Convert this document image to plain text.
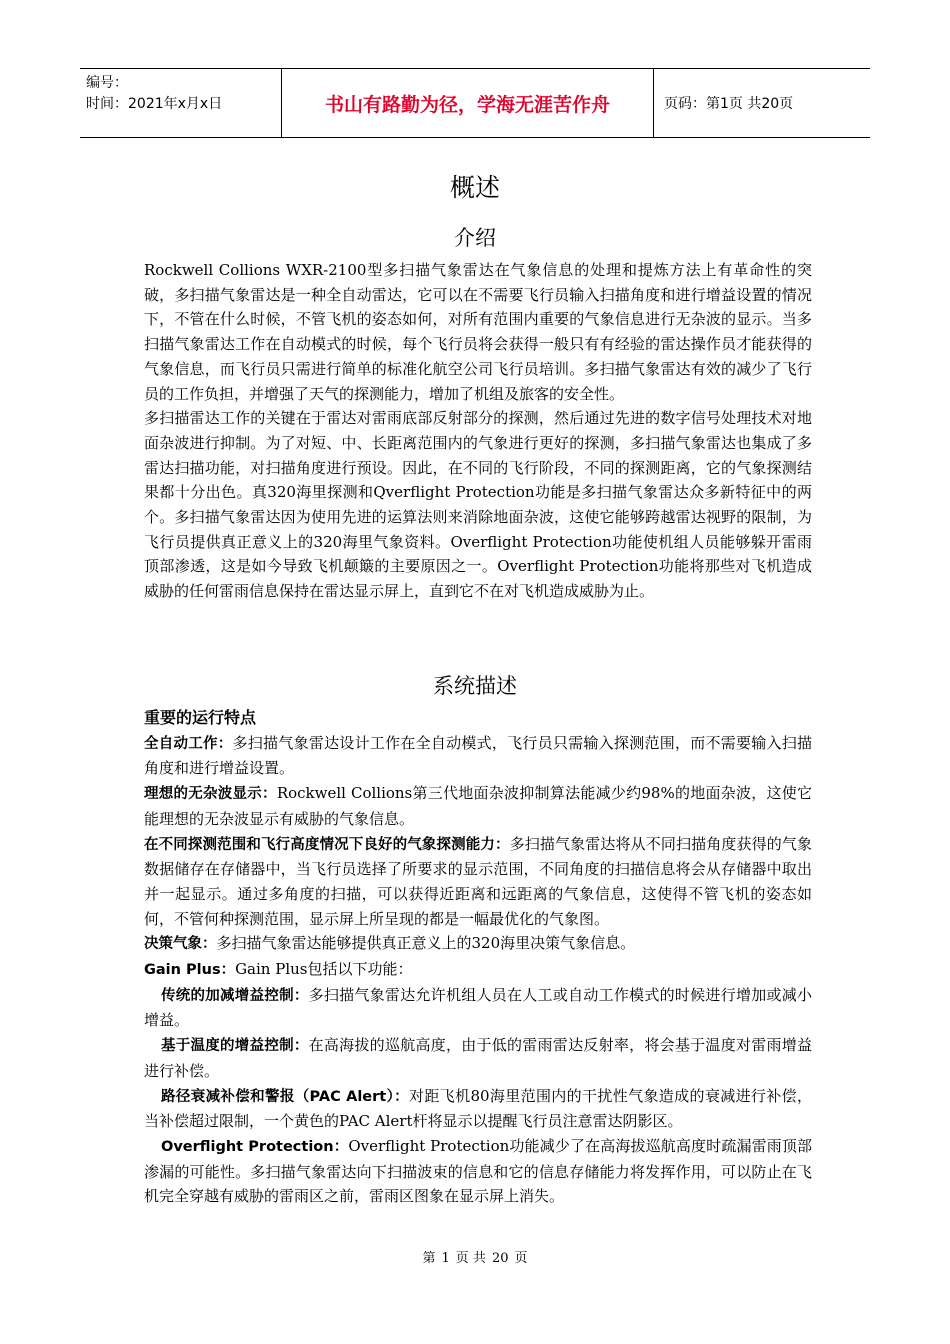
编号：
时间：2021年x月x日	书山有路勤为径，学海无涯苦作舟	页码：第1页 共20页
概述
介绍

Rockwell Collions WXR-2100型多扫描气象雷达在气象信息的处理和提炼方法上有革命性的突破，多扫描气象雷达是一种全自动雷达，它可以在不需要飞行员输入扫描角度和进行增益设置的情况下，不管在什么时候，不管飞机的姿态如何，对所有范围内重要的气象信息进行无杂波的显示。当多扫描气象雷达工作在自动模式的时候，每个飞行员将会获得一般只有有经验的雷达操作员才能获得的气象信息，而飞行员只需进行简单的标准化航空公司飞行员培训。多扫描气象雷达有效的减少了飞行员的工作负担，并增强了天气的探测能力，增加了机组及旅客的安全性。

多扫描雷达工作的关键在于雷达对雷雨底部反射部分的探测，然后通过先进的数字信号处理技术对地面杂波进行抑制。为了对短、中、长距离范围内的气象进行更好的探测，多扫描气象雷达也集成了多雷达扫描功能，对扫描角度进行预设。因此，在不同的飞行阶段，不同的探测距离，它的气象探测结果都十分出色。真320海里探测和Qverflight Protection功能是多扫描气象雷达众多新特征中的两个。多扫描气象雷达因为使用先进的运算法则来消除地面杂波，这使它能够跨越雷达视野的限制，为飞行员提供真正意义上的320海里气象资料。Overflight Protection功能使机组人员能够躲开雷雨顶部渗透，这是如今导致飞机颠簸的主要原因之一。Overflight Protection功能将那些对飞机造成威胁的任何雷雨信息保持在雷达显示屏上，直到它不在对飞机造成威胁为止。

系统描述

重要的运行特点

全自动工作：多扫描气象雷达设计工作在全自动模式，飞行员只需输入探测范围，而不需要输入扫描角度和进行增益设置。

理想的无杂波显示：Rockwell Collions第三代地面杂波抑制算法能减少约98%的地面杂波，这使它能理想的无杂波显示有威胁的气象信息。

在不同探测范围和飞行高度情况下良好的气象探测能力：多扫描气象雷达将从不同扫描角度获得的气象数据储存在存储器中，当飞行员选择了所要求的显示范围，不同角度的扫描信息将会从存储器中取出并一起显示。通过多角度的扫描，可以获得近距离和远距离的气象信息，这使得不管飞机的姿态如何，不管何种探测范围，显示屏上所呈现的都是一幅最优化的气象图。

决策气象：多扫描气象雷达能够提供真正意义上的320海里决策气象信息。

Gain Plus：Gain Plus包括以下功能：

传统的加减增益控制：多扫描气象雷达允许机组人员在人工或自动工作模式的时候进行增加或减小增益。

基于温度的增益控制：在高海拔的巡航高度，由于低的雷雨雷达反射率，将会基于温度对雷雨增益进行补偿。

路径衰减补偿和警报（PAC Alert）：对距飞机80海里范围内的干扰性气象造成的衰减进行补偿，当补偿超过限制，一个黄色的PAC Alert杆将显示以提醒飞行员注意雷达阴影区。

Overflight Protection：Overflight Protection功能减少了在高海拔巡航高度时疏漏雷雨顶部渗漏的可能性。多扫描气象雷达向下扫描波束的信息和它的信息存储能力将发挥作用，可以防止在飞机完全穿越有威胁的雷雨区之前，雷雨区图象在显示屏上消失。

第 1 页 共 20 页
